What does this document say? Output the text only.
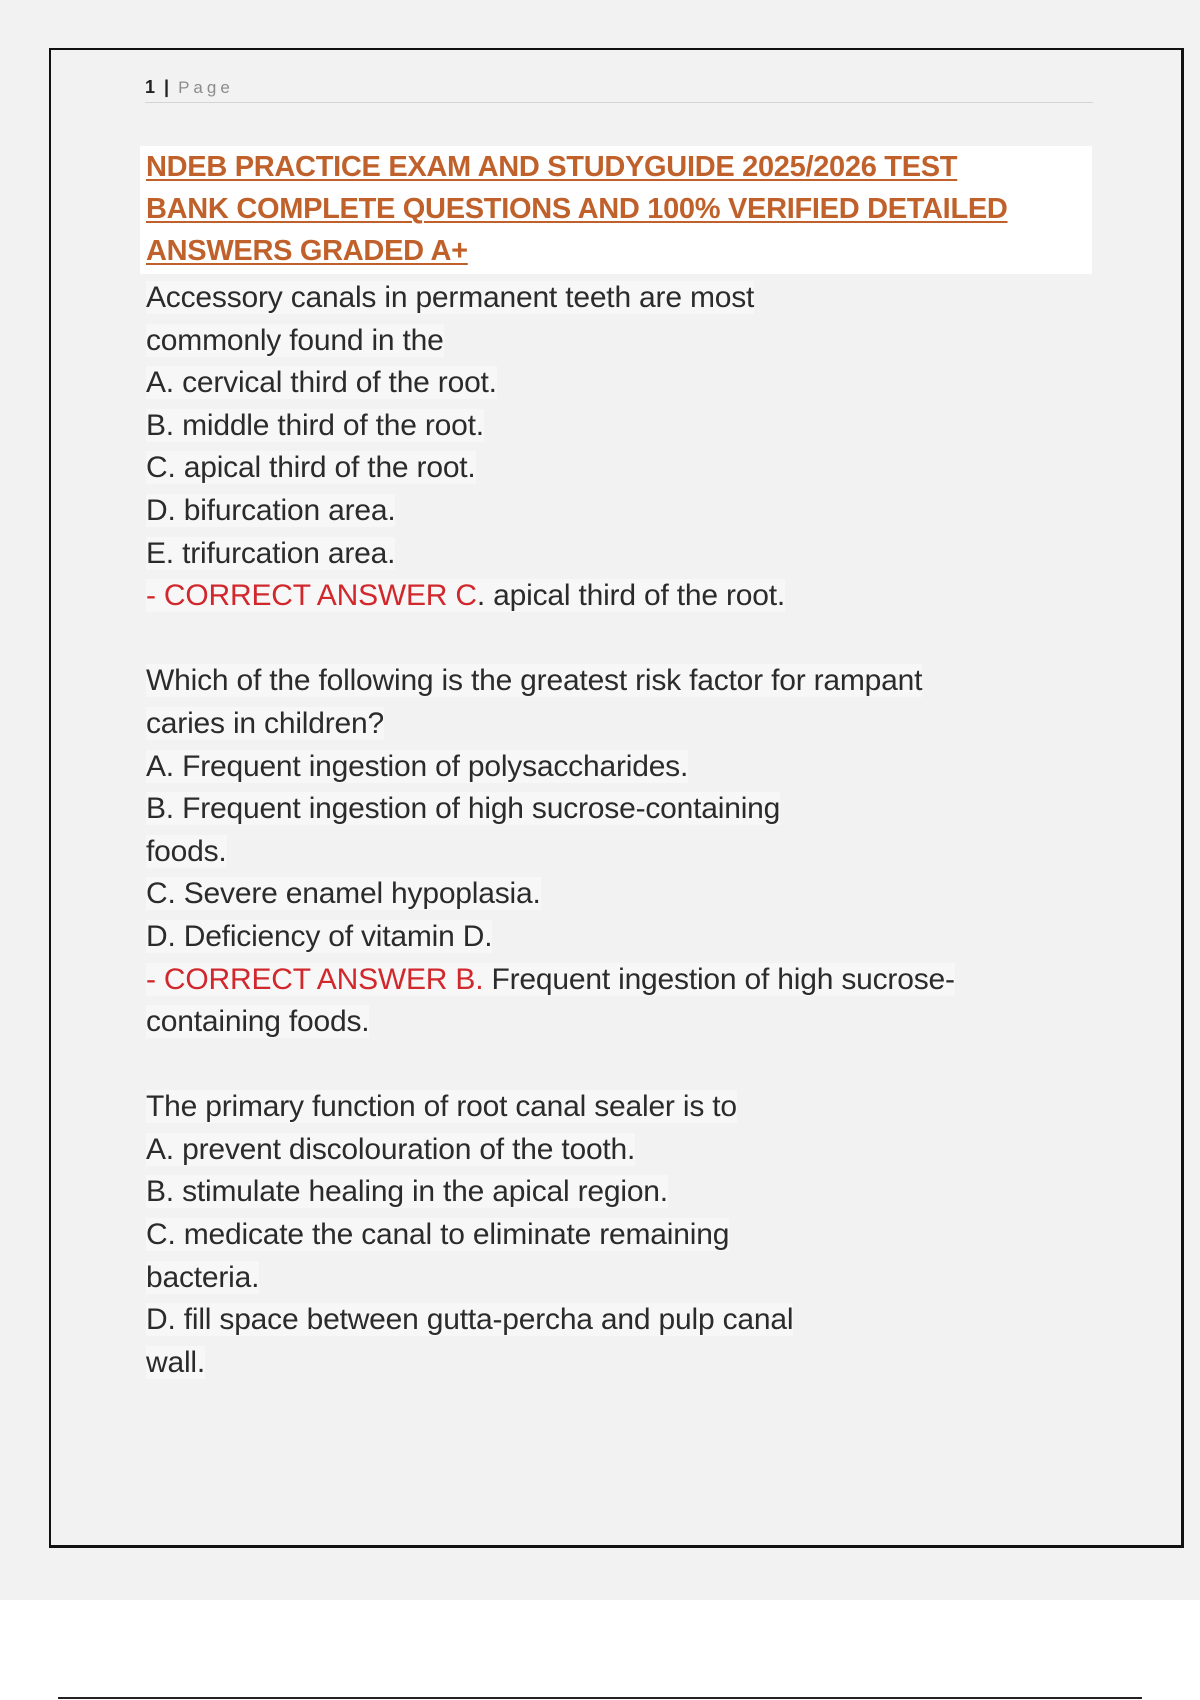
1 | Page
NDEB PRACTICE EXAM AND STUDYGUIDE 2025/2026 TEST
BANK COMPLETE QUESTIONS AND 100% VERIFIED DETAILED
ANSWERS GRADED A+
Accessory canals in permanent teeth are most
commonly found in the
A. cervical third of the root.
B. middle third of the root.
C. apical third of the root.
D. bifurcation area.
E. trifurcation area.
- CORRECT ANSWER C. apical third of the root.
Which of the following is the greatest risk factor for rampant
caries in children?
A. Frequent ingestion of polysaccharides.
B. Frequent ingestion of high sucrose-containing
foods.
C. Severe enamel hypoplasia.
D. Deficiency of vitamin D.
- CORRECT ANSWER B. Frequent ingestion of high sucrose-
containing foods.
The primary function of root canal sealer is to
A. prevent discolouration of the tooth.
B. stimulate healing in the apical region.
C. medicate the canal to eliminate remaining
bacteria.
D. fill space between gutta-percha and pulp canal
wall.
